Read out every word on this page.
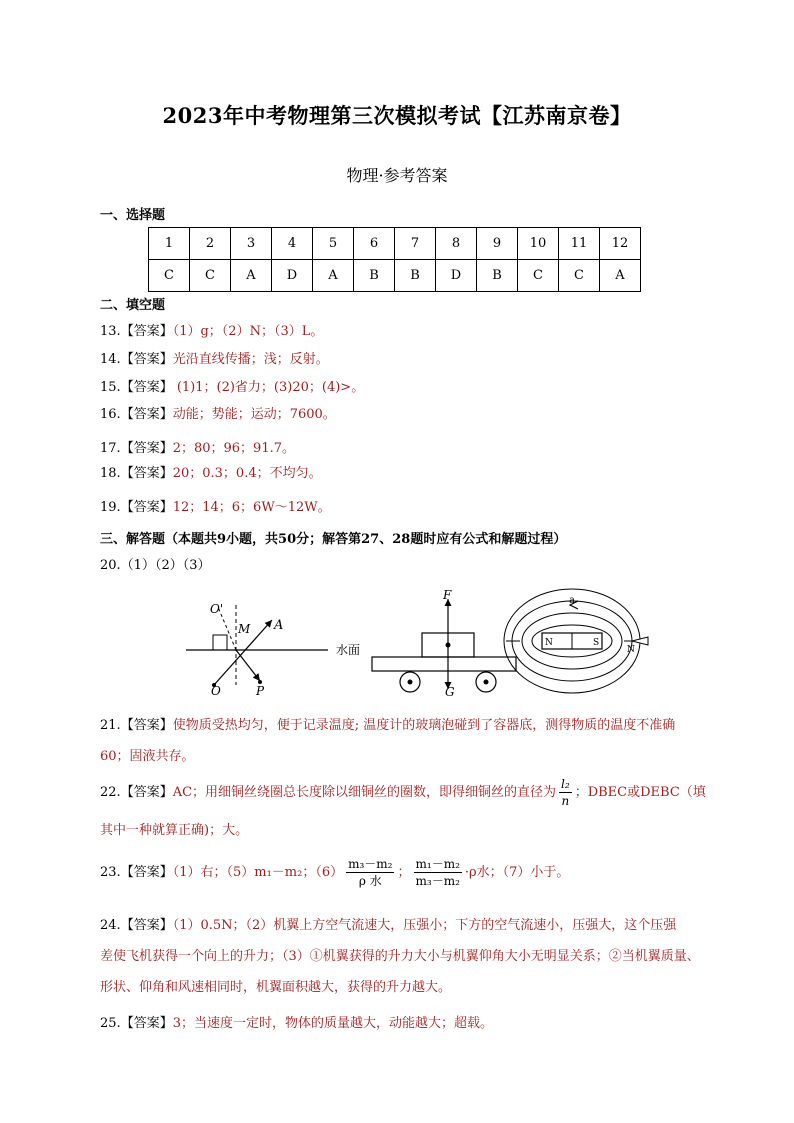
2023年中考物理第三次模拟考试【江苏南京卷】
物理·参考答案
一、选择题
1	2	3	4	5	6	7	8	9	10	11	12
C	C	A	D	A	B	B	D	B	C	C	A
二、填空题
13.【答案】（1）g；（2）N；（3）L。
14.【答案】光沿直线传播；浅；反射。
15.【答案】 (1)1；(2)省力；(3)20；(4)>。
16.【答案】动能；势能；运动；7600。
17.【答案】2；80；96；91.7。
18.【答案】20；0.3；0.4；不均匀。
19.【答案】12；14；6；6W～12W。
三、解答题（本题共9小题，共50分；解答第27、28题时应有公式和解题过程）
20.（1）（2）（3）
O'
M A
O	P
水面
F
G
N	S
a
N
21.【答案】使物质受热均匀，便于记录温度; 温度计的玻璃泡碰到了容器底，测得物质的温度不准确
60；固液共存。
22.【答案】AC；用细铜丝绕圈总长度除以细铜丝的圈数，即得细铜丝的直径为 $\frac{\text{l₂}}{n}$ ；DBEC或DEBC（填
其中一种就算正确)；大。
23.【答案】（1）右；（5）m₁－m₂；$(6) \frac{\text{m₃－m₂}}{\text{ρ 水}}$ ； $\frac{\text{m₁－m₂}}{\text{m₃－m₂}} \cdot\rho$水；（7）小于。
24.【答案】（1）0.5N；（2）机翼上方空气流速大，压强小；下方的空气流速小，压强大，这个压强
差使飞机获得一个向上的升力；（3）①机翼获得的升力大小与机翼仰角大小无明显关系；②当机翼质量、
形状、仰角和风速相同时，机翼面积越大，获得的升力越大。
25.【答案】3；当速度一定时，物体的质量越大，动能越大；超载。
